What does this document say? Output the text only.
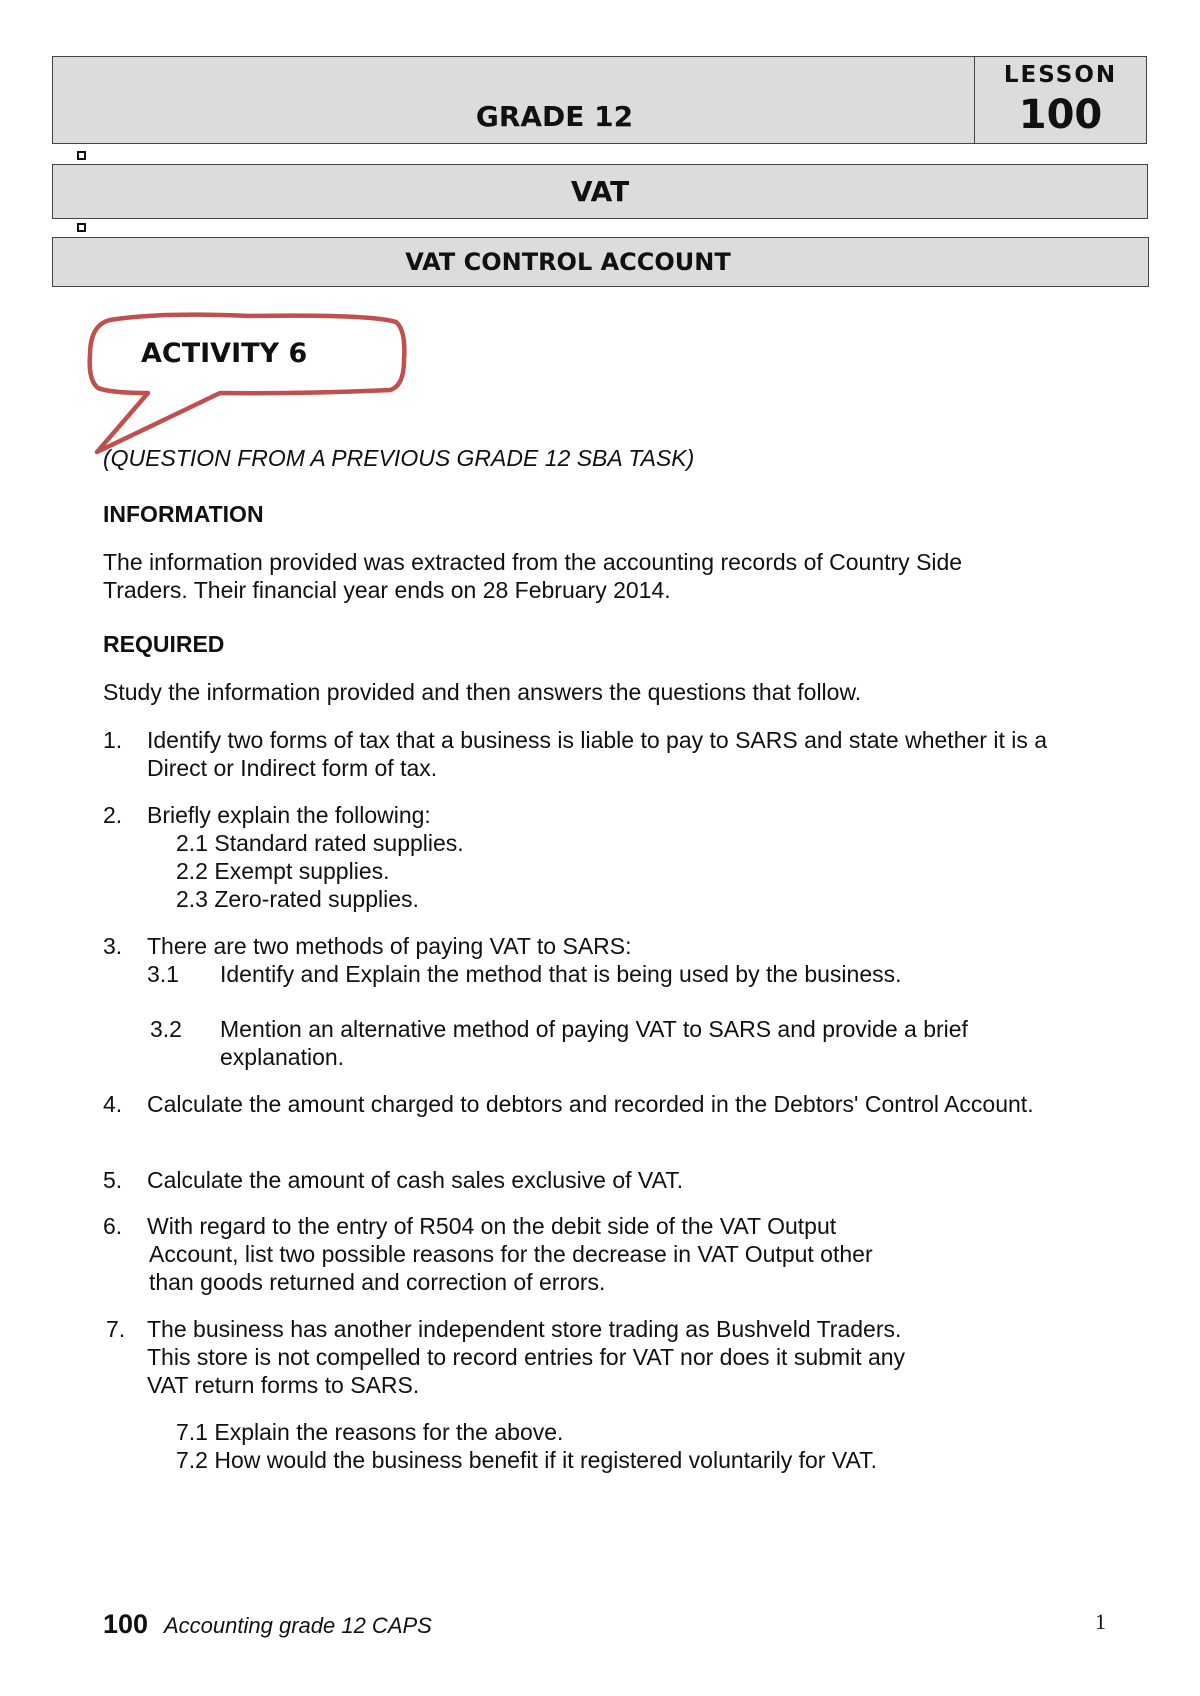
GRADE 12
LESSON
100
VAT
VAT CONTROL ACCOUNT
ACTIVITY 6
(QUESTION FROM A PREVIOUS GRADE 12 SBA TASK)
INFORMATION
The information provided was extracted from the accounting records of Country Side
Traders. Their financial year ends on 28 February 2014.
REQUIRED
Study the information provided and then answers the questions that follow.
1. Identify two forms of tax that a business is liable to pay to SARS and state whether it is a
Direct or Indirect form of tax.
2. Briefly explain the following:
2.1 Standard rated supplies.
2.2 Exempt supplies.
2.3 Zero-rated supplies.
3. There are two methods of paying VAT to SARS:
3.1 Identify and Explain the method that is being used by the business.
3.2 Mention an alternative method of paying VAT to SARS and provide a brief
explanation.
4. Calculate the amount charged to debtors and recorded in the Debtors' Control Account.
5. Calculate the amount of cash sales exclusive of VAT.
6. With regard to the entry of R504 on the debit side of the VAT Output
Account, list two possible reasons for the decrease in VAT Output other
than goods returned and correction of errors.
7. The business has another independent store trading as Bushveld Traders.
This store is not compelled to record entries for VAT nor does it submit any
VAT return forms to SARS.
7.1 Explain the reasons for the above.
7.2 How would the business benefit if it registered voluntarily for VAT.
100 Accounting grade 12 CAPS	1
